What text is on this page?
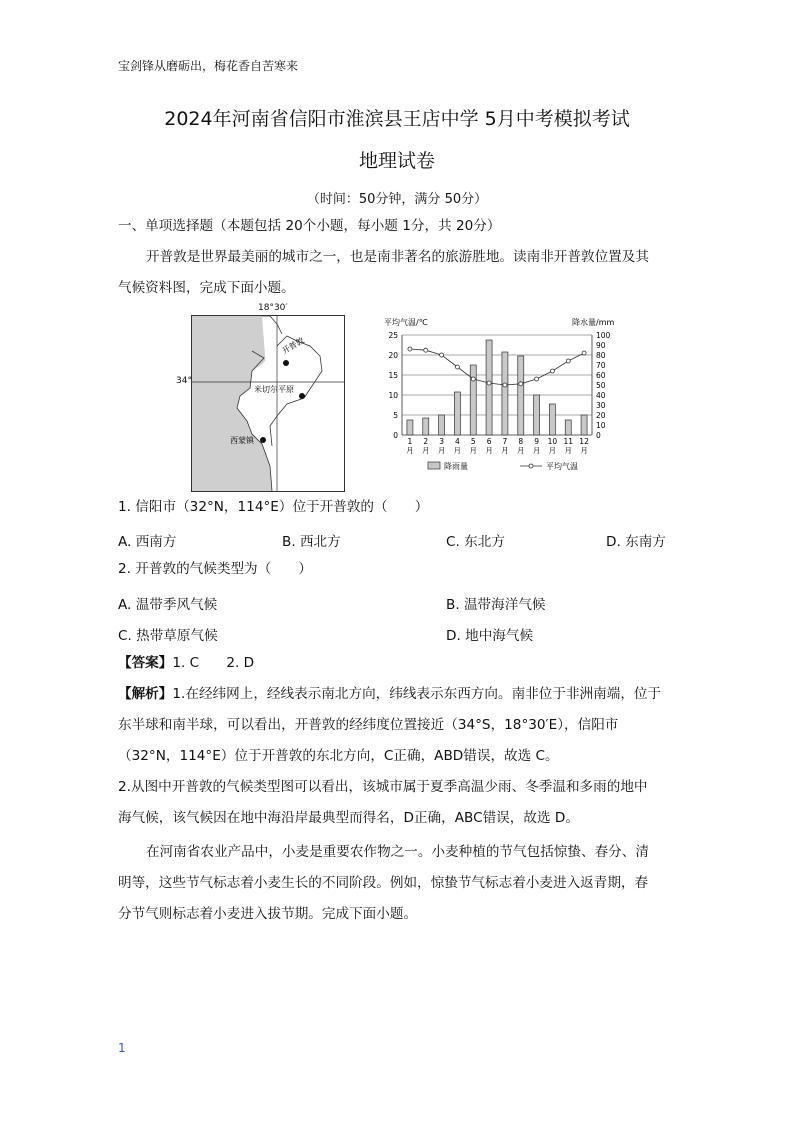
宝剑锋从磨砺出，梅花香自苦寒来
2024年河南省信阳市淮滨县王店中学 5月中考模拟考试
地理试卷
（时间：50分钟，满分 50分）
一、单项选择题（本题包括 20个小题，每小题 1分，共 20分）
开普敦是世界最美丽的城市之一，也是南非著名的旅游胜地。读南非开普敦位置及其
气候资料图，完成下面小题。
开普敦
米切尔平原
西蒙镇
18°30′
34°
平均气温/℃	降水量/mm
0
5
10
15
20
25
0
10
20
30
40
50
60
70
80
90
100
1
月
2
月
3
月
4
月
5
月
6
月
7
月
8
月
9
月
10
月
11
月
12
月
降雨量	平均气温
1. 信阳市（32°N，114°E）位于开普敦的（　　）
A. 西南方	B. 西北方	C. 东北方	D. 东南方
2. 开普敦的气候类型为（　　）
A. 温带季风气候	B. 温带海洋气候
C. 热带草原气候	D. 地中海气候
【答案】1. C　　2. D
【解析】1.在经纬网上，经线表示南北方向，纬线表示东西方向。南非位于非洲南端，位于
东半球和南半球，可以看出，开普敦的经纬度位置接近（34°S，18°30′E），信阳市
（32°N，114°E）位于开普敦的东北方向，C正确，ABD错误，故选 C。
2.从图中开普敦的气候类型图可以看出，该城市属于夏季高温少雨、冬季温和多雨的地中
海气候，该气候因在地中海沿岸最典型而得名，D正确，ABC错误，故选 D。
在河南省农业产品中，小麦是重要农作物之一。小麦种植的节气包括惊蛰、春分、清
明等，这些节气标志着小麦生长的不同阶段。例如，惊蛰节气标志着小麦进入返青期，春
分节气则标志着小麦进入拔节期。完成下面小题。
1
